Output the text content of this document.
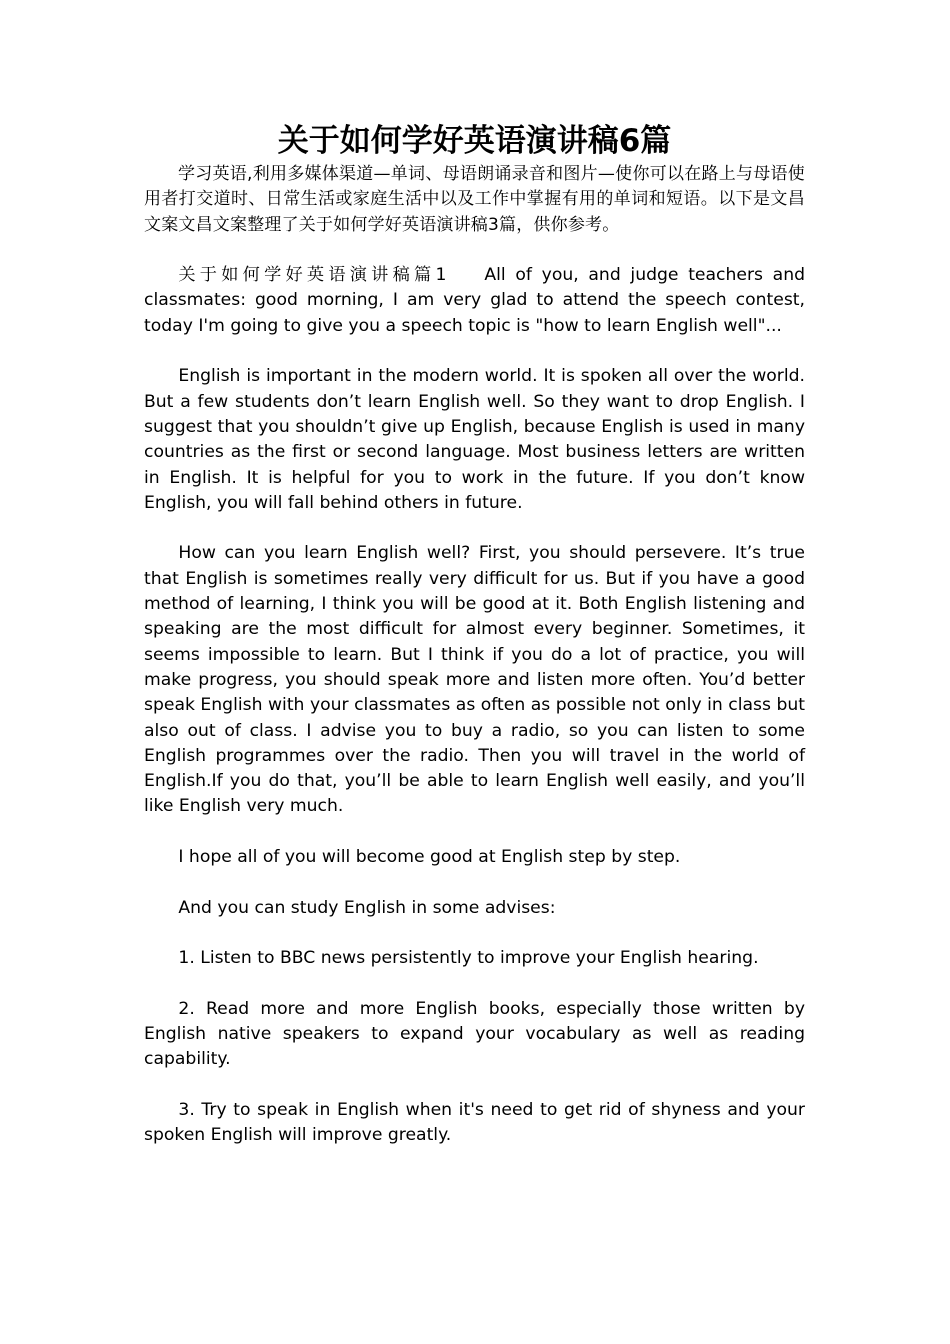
关于如何学好英语演讲稿6篇

学习英语,利用多媒体渠道—单词、母语朗诵录音和图片—使你可以在路上与母语使用者打交道时、日常生活或家庭生活中以及工作中掌握有用的单词和短语。以下是文昌文案文昌文案整理了关于如何学好英语演讲稿3篇，供你参考。

关于如何学好英语演讲稿篇1 All of you, and judge teachers and classmates: good morning, I am very glad to attend the speech contest, today I'm going to give you a speech topic is "how to learn English well"...

English is important in the modern world. It is spoken all over the world. But a few students don’t learn English well. So they want to drop English. I suggest that you shouldn’t give up English, because English is used in many countries as the first or second language. Most business letters are written in English. It is helpful for you to work in the future. If you don’t know English, you will fall behind others in future.

How can you learn English well? First, you should persevere. It’s true that English is sometimes really very difficult for us. But if you have a good method of learning, I think you will be good at it. Both English listening and speaking are the most difficult for almost every beginner. Sometimes, it seems impossible to learn. But I think if you do a lot of practice, you will make progress, you should speak more and listen more often. You’d better speak English with your classmates as often as possible not only in class but also out of class. I advise you to buy a radio, so you can listen to some English programmes over the radio. Then you will travel in the world of English.If you do that, you’ll be able to learn English well easily, and you’ll like English very much.

I hope all of you will become good at English step by step.

And you can study English in some advises:

1. Listen to BBC news persistently to improve your English hearing.

2. Read more and more English books, especially those written by English native speakers to expand your vocabulary as well as reading capability.

3. Try to speak in English when it's need to get rid of shyness and your spoken English will improve greatly.
